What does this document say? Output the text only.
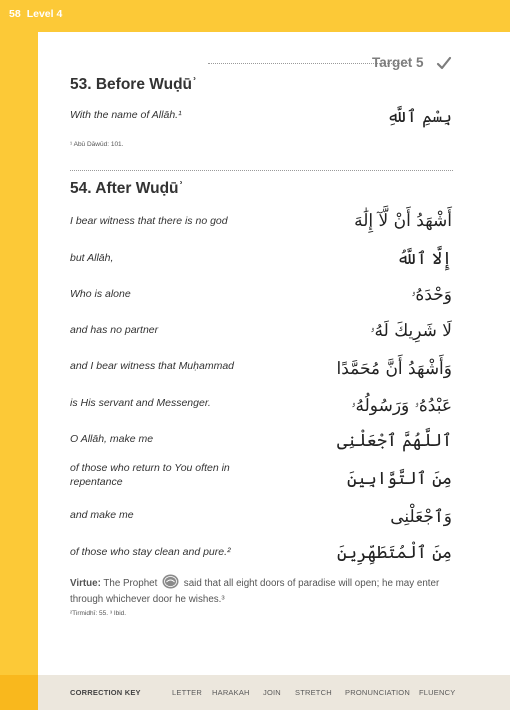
58 Level 4
Target 5
53. Before Wuḍūʾ
With the name of Allāh.¹	بِسْمِ ٱللَّهِ
¹ Abū Dāwūd: 101.
54. After Wuḍūʾ
I bear witness that there is no god	أَشْهَدُ أَنْ لَّآ إِلَٰهَ
but Allāh,	إِلَّا ٱللَّهُ
Who is alone	وَحْدَهُۥ
and has no partner	لَا شَرِيكَ لَهُۥ
and I bear witness that Muḥammad	وَأَشْهَدُ أَنَّ مُحَمَّدًا
is His servant and Messenger.	عَبْدُهُۥ وَرَسُولُهُۥ
O Allāh, make me	ٱللَّهُمَّ ٱجْعَلْنِى
of those who return to You often in repentance	مِنَ ٱلتَّوَّابِينَ
and make me	وَٱجْعَلْنِى
of those who stay clean and pure.²	مِنَ ٱلْمُتَطَهِّرِينَ
Virtue: The Prophet	said that all eight doors of paradise will open; he may enter through whichever door he wishes.³
²Tirmidhī: 55. ³ Ibid.
CORRECTION KEY	LETTER HARAKAH JOIN STRETCH PRONUNCIATION FLUENCY
